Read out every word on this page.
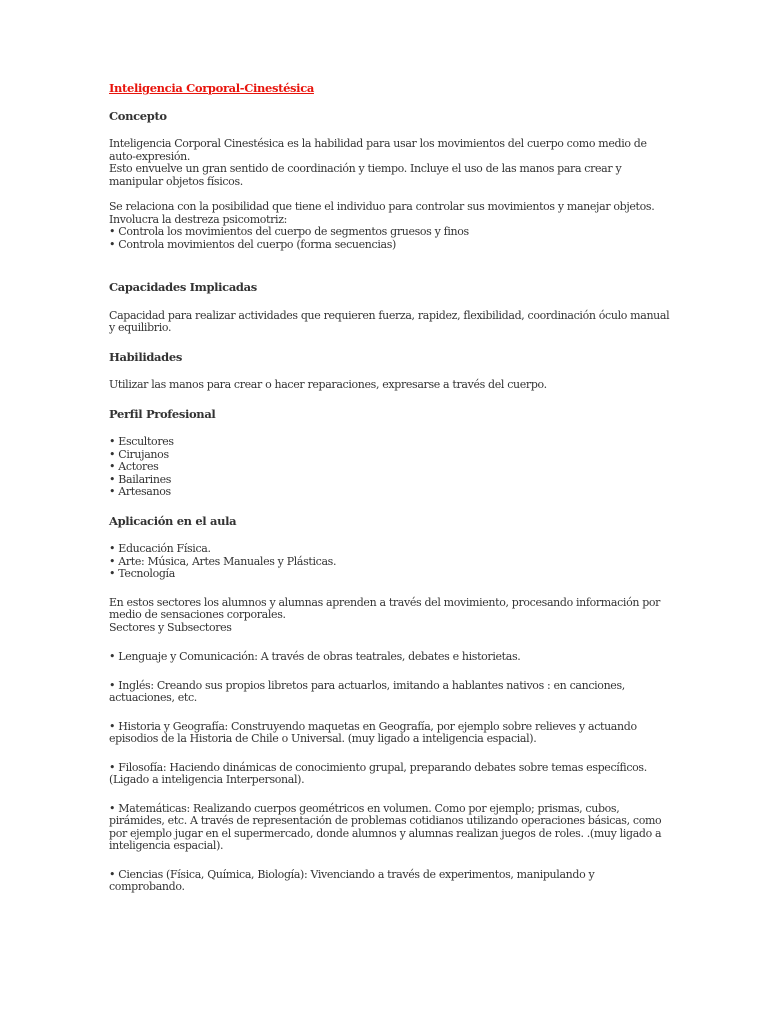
Inteligencia Corporal-Cinestésica
Concepto

Inteligencia Corporal Cinestésica es la habilidad para usar los movimientos del cuerpo como medio de
auto-expresión.

Esto envuelve un gran sentido de coordinación y tiempo. Incluye el uso de las manos para crear y
manipular objetos físicos.

Se relaciona con la posibilidad que tiene el individuo para controlar sus movimientos y manejar objetos.
Involucra la destreza psicomotriz:
• Controla los movimientos del cuerpo de segmentos gruesos y finos
• Controla movimientos del cuerpo (forma secuencias)

Capacidades Implicadas

Capacidad para realizar actividades que requieren fuerza, rapidez, flexibilidad, coordinación óculo manual
y equilibrio.

Habilidades

Utilizar las manos para crear o hacer reparaciones, expresarse a través del cuerpo.

Perfil Profesional

• Escultores
• Cirujanos
• Actores
• Bailarines
• Artesanos

Aplicación en el aula

• Educación Física.
• Arte: Música, Artes Manuales y Plásticas.
• Tecnología

En estos sectores los alumnos y alumnas aprenden a través del movimiento, procesando información por
medio de sensaciones corporales.
Sectores y Subsectores

• Lenguaje y Comunicación: A través de obras teatrales, debates e historietas.

• Inglés: Creando sus propios libretos para actuarlos, imitando a hablantes nativos : en canciones,
actuaciones, etc.

• Historia y Geografía: Construyendo maquetas en Geografía, por ejemplo sobre relieves y actuando
episodios de la Historia de Chile o Universal. (muy ligado a inteligencia espacial).

• Filosofía: Haciendo dinámicas de conocimiento grupal, preparando debates sobre temas específicos.
(Ligado a inteligencia Interpersonal).

• Matemáticas: Realizando cuerpos geométricos en volumen. Como por ejemplo; prismas, cubos,
pirámides, etc. A través de representación de problemas cotidianos utilizando operaciones básicas, como
por ejemplo jugar en el supermercado, donde alumnos y alumnas realizan juegos de roles. .(muy ligado a
inteligencia espacial).

• Ciencias (Física, Química, Biología): Vivenciando a través de experimentos, manipulando y
comprobando.
